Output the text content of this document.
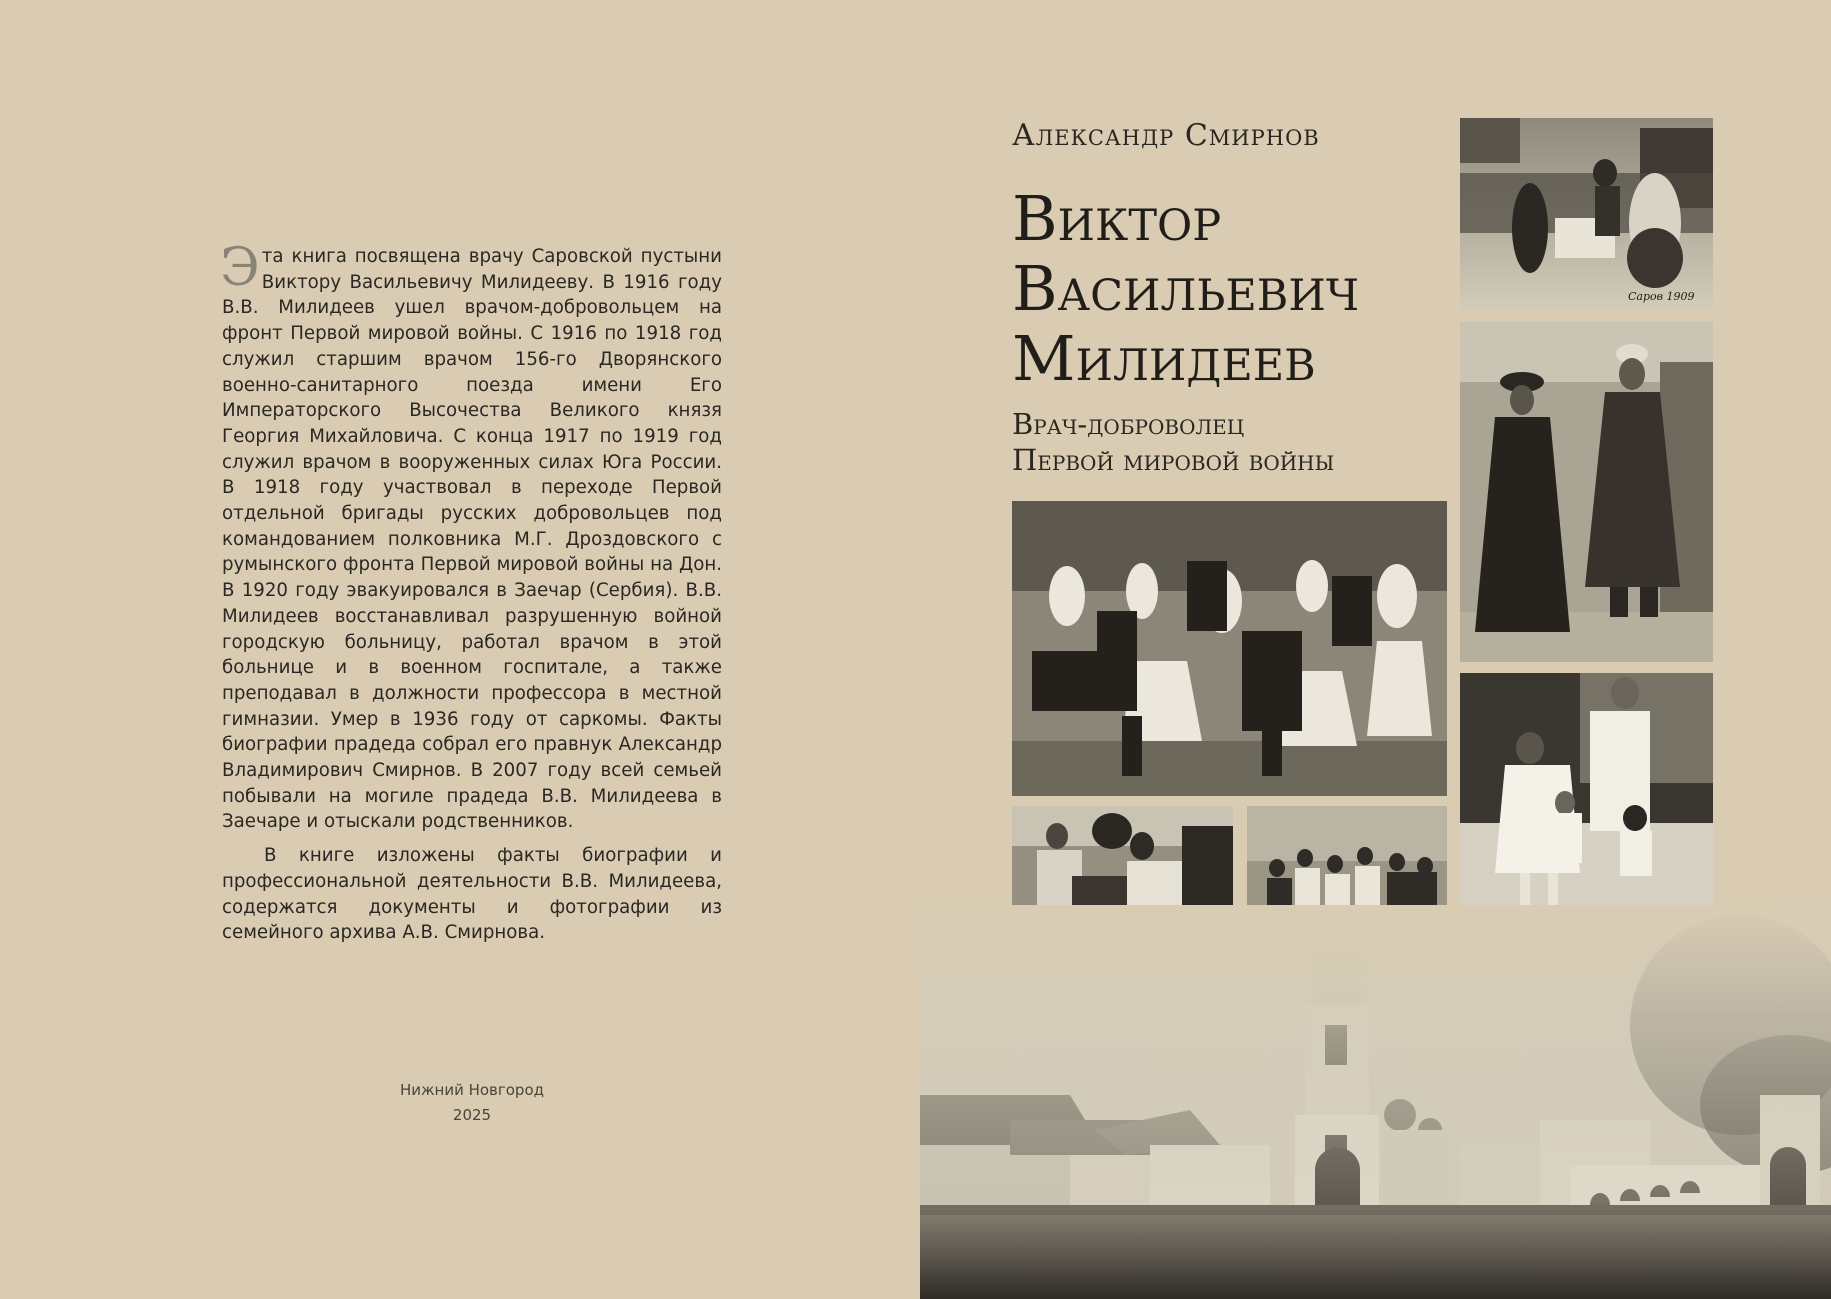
Эта книга посвящена врачу Саровской пустыни Виктору Васильевичу Милидееву. В 1916 году В.В. Милидеев ушел врачом-добровольцем на фронт Первой мировой войны. С 1916 по 1918 год служил старшим врачом 156-го Дворянского военно-санитарного поезда имени Его Императорского Высочества Великого князя Георгия Михайловича. С конца 1917 по 1919 год служил врачом в вооруженных силах Юга России. В 1918 году участвовал в переходе Первой отдельной бригады русских добровольцев под командованием полковника М.Г. Дроздовского с румынского фронта Первой мировой войны на Дон. В 1920 году эвакуировался в Заечар (Сербия). В.В. Милидеев восстанавливал разрушенную войной городскую больницу, работал врачом в этой больнице и в военном госпитале, а также преподавал в должности профессора в местной гимназии. Умер в 1936 году от саркомы. Факты биографии прадеда собрал его правнук Александр Владимирович Смирнов. В 2007 году всей семьей побывали на могиле прадеда В.В. Милидеева в Заечаре и отыскали родственников.

В книге изложены факты биографии и профессиональной деятельности В.В. Милидеева, содержатся документы и фотографии из семейного архива А.В. Смирнова.

Нижний Новгород
2025
Александр Смирнов
Виктор
Васильевич
Милидеев
Врач-доброволец
Первой мировой войны
Саров 1909
